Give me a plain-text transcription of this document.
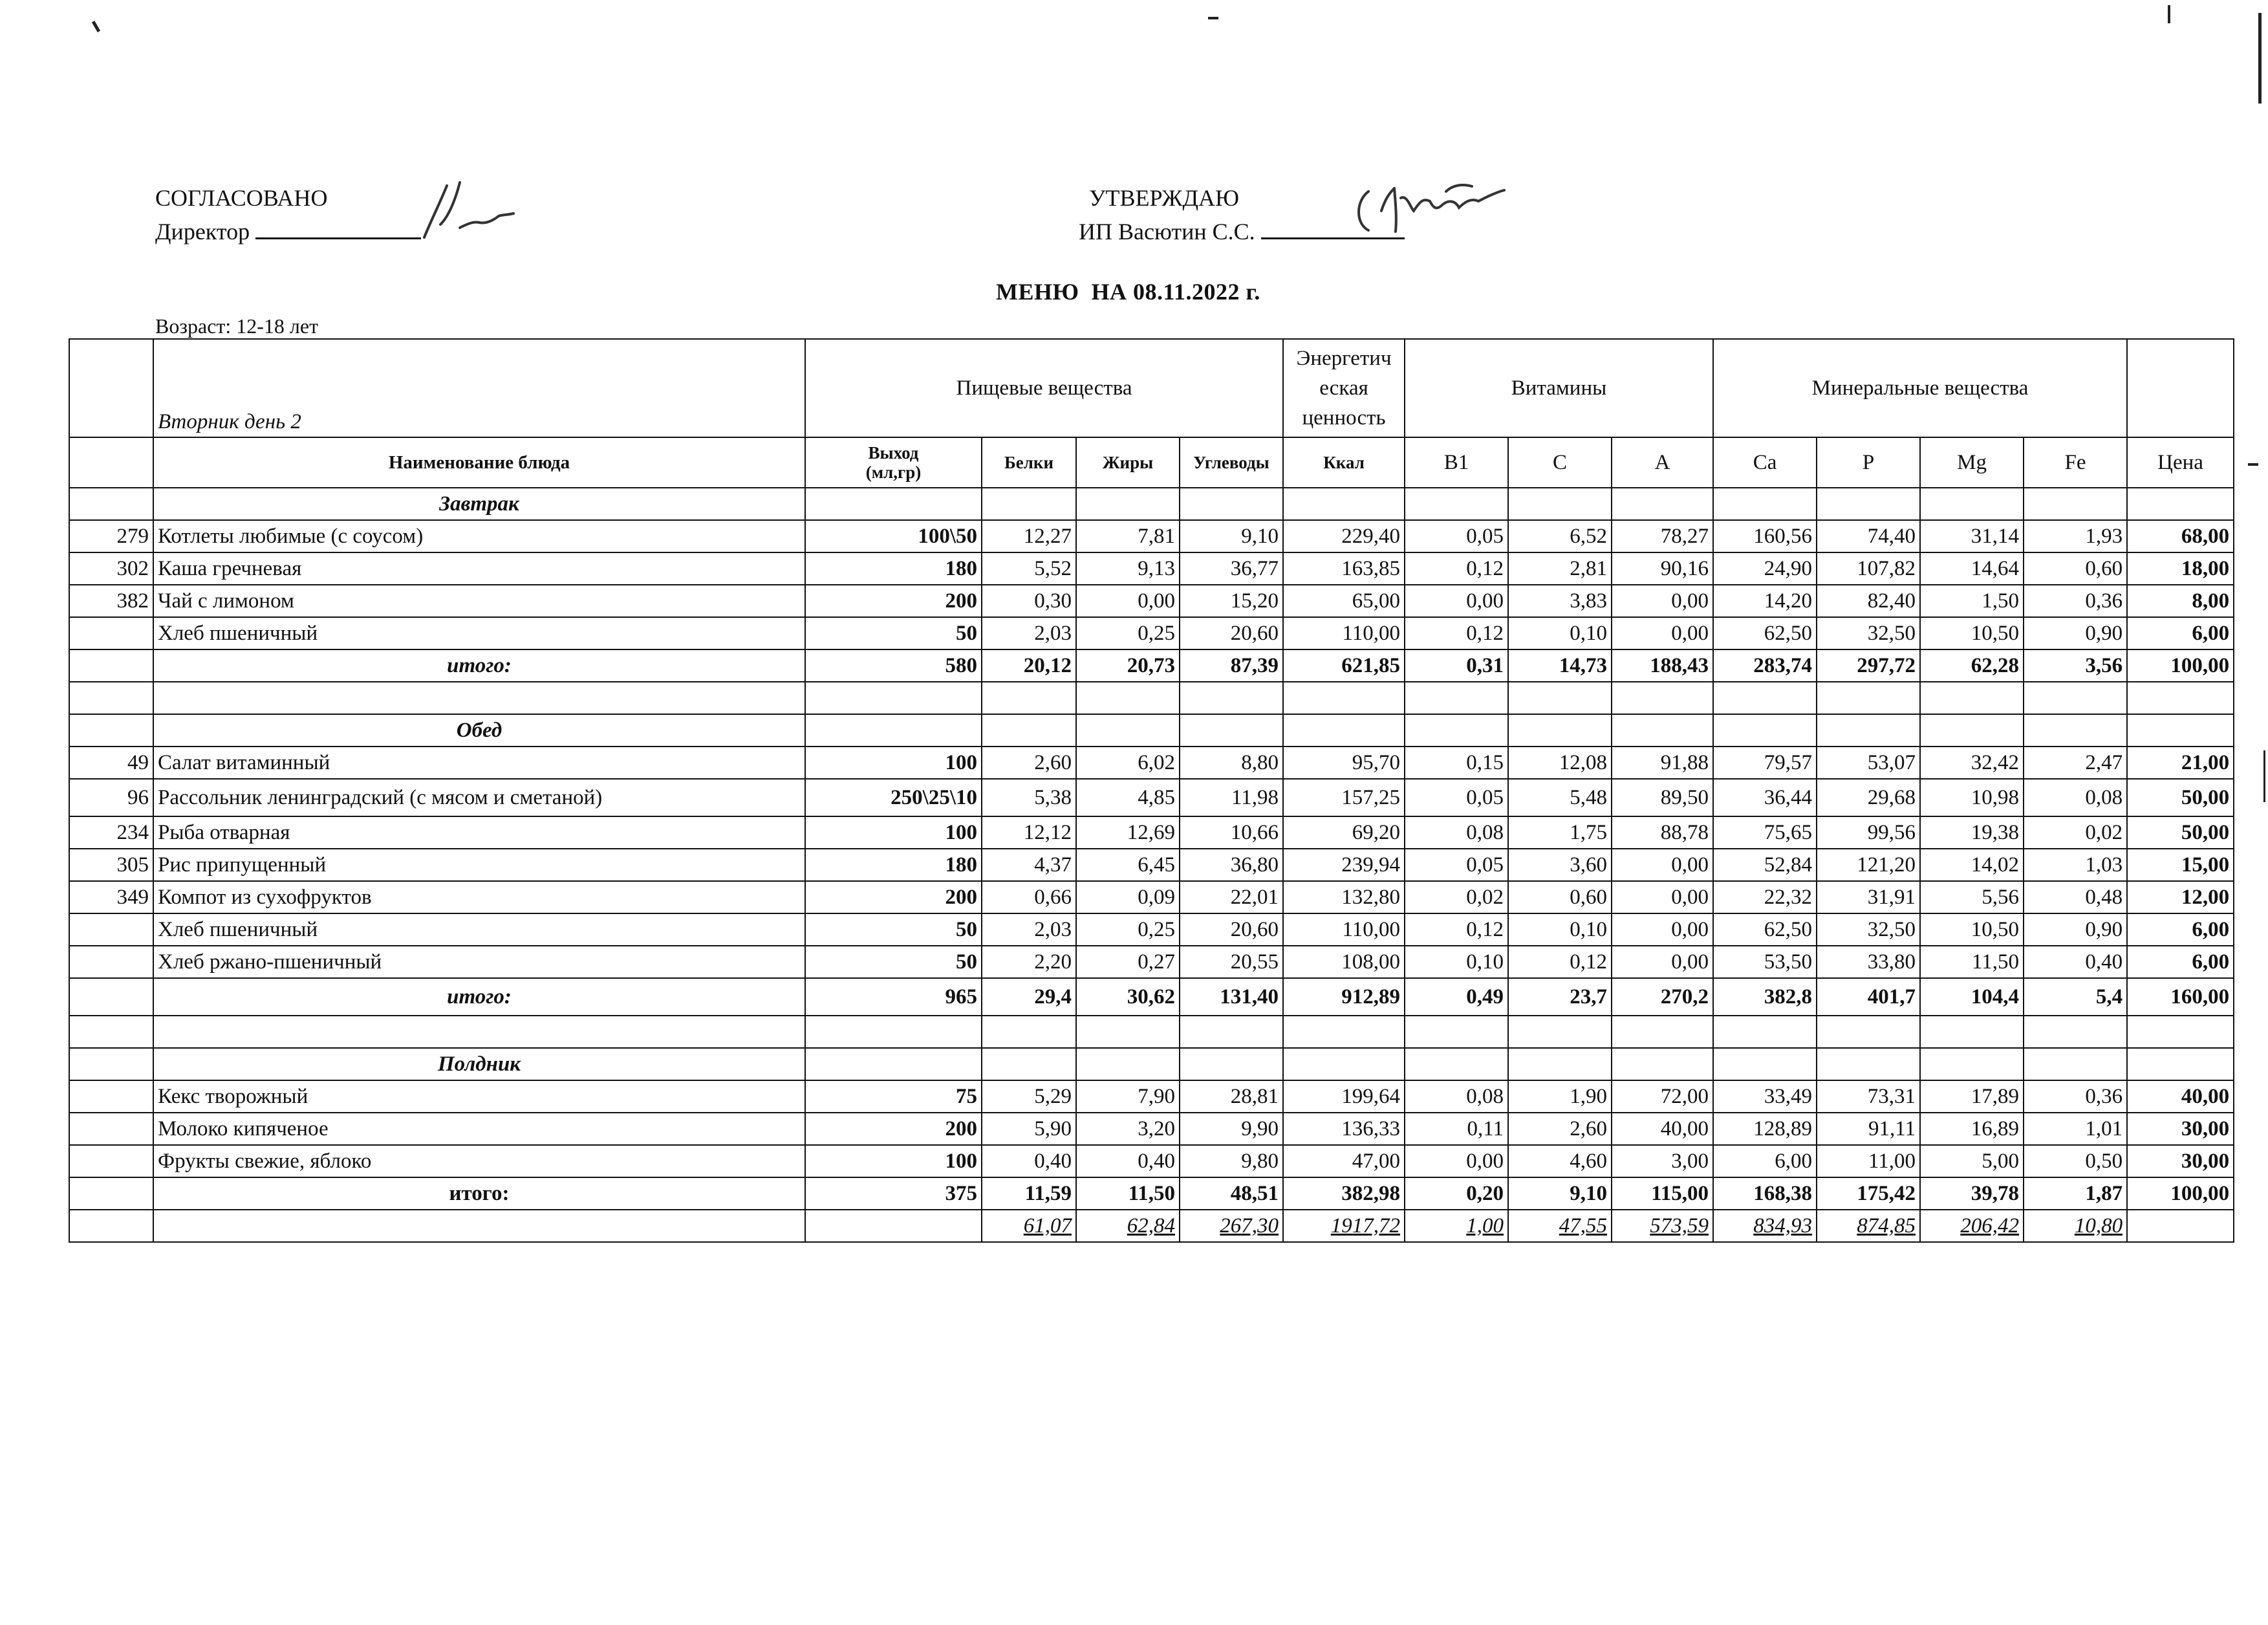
СОГЛАСОВАНО
Директор
УТВЕРЖДАЮ
ИП Васютин С.С.
МЕНЮ  НА 08.11.2022 г.
Возраст: 12-18 лет
	Вторник день 2	Пищевые вещества				Энергетич
еская
ценность	Витамины			Минеральные вещества				
	Наименование блюда	Выход
(мл,гр)	Белки	Жиры	Углеводы	Ккал	B1	C	A	Ca	P	Mg	Fe	Цена
	Завтрак													
279	Котлеты любимые (с соусом)	100\50	12,27	7,81	9,10	229,40	0,05	6,52	78,27	160,56	74,40	31,14	1,93	68,00
302	Каша гречневая	180	5,52	9,13	36,77	163,85	0,12	2,81	90,16	24,90	107,82	14,64	0,60	18,00
382	Чай с лимоном	200	0,30	0,00	15,20	65,00	0,00	3,83	0,00	14,20	82,40	1,50	0,36	8,00
	Хлеб пшеничный	50	2,03	0,25	20,60	110,00	0,12	0,10	0,00	62,50	32,50	10,50	0,90	6,00
	итого:	580	20,12	20,73	87,39	621,85	0,31	14,73	188,43	283,74	297,72	62,28	3,56	100,00

	Обед													
49	Салат витаминный	100	2,60	6,02	8,80	95,70	0,15	12,08	91,88	79,57	53,07	32,42	2,47	21,00
96	Рассольник ленинградский (с мясом и сметаной)	250\25\10	5,38	4,85	11,98	157,25	0,05	5,48	89,50	36,44	29,68	10,98	0,08	50,00
234	Рыба отварная	100	12,12	12,69	10,66	69,20	0,08	1,75	88,78	75,65	99,56	19,38	0,02	50,00
305	Рис припущенный	180	4,37	6,45	36,80	239,94	0,05	3,60	0,00	52,84	121,20	14,02	1,03	15,00
349	Компот из сухофруктов	200	0,66	0,09	22,01	132,80	0,02	0,60	0,00	22,32	31,91	5,56	0,48	12,00
	Хлеб пшеничный	50	2,03	0,25	20,60	110,00	0,12	0,10	0,00	62,50	32,50	10,50	0,90	6,00
	Хлеб ржано-пшеничный	50	2,20	0,27	20,55	108,00	0,10	0,12	0,00	53,50	33,80	11,50	0,40	6,00
	итого:	965	29,4	30,62	131,40	912,89	0,49	23,7	270,2	382,8	401,7	104,4	5,4	160,00

	Полдник													
	Кекс творожный	75	5,29	7,90	28,81	199,64	0,08	1,90	72,00	33,49	73,31	17,89	0,36	40,00
	Молоко кипяченое	200	5,90	3,20	9,90	136,33	0,11	2,60	40,00	128,89	91,11	16,89	1,01	30,00
	Фрукты свежие, яблоко	100	0,40	0,40	9,80	47,00	0,00	4,60	3,00	6,00	11,00	5,00	0,50	30,00
	итого:	375	11,59	11,50	48,51	382,98	0,20	9,10	115,00	168,38	175,42	39,78	1,87	100,00
			61,07	62,84	267,30	1917,72	1,00	47,55	573,59	834,93	874,85	206,42	10,80	
